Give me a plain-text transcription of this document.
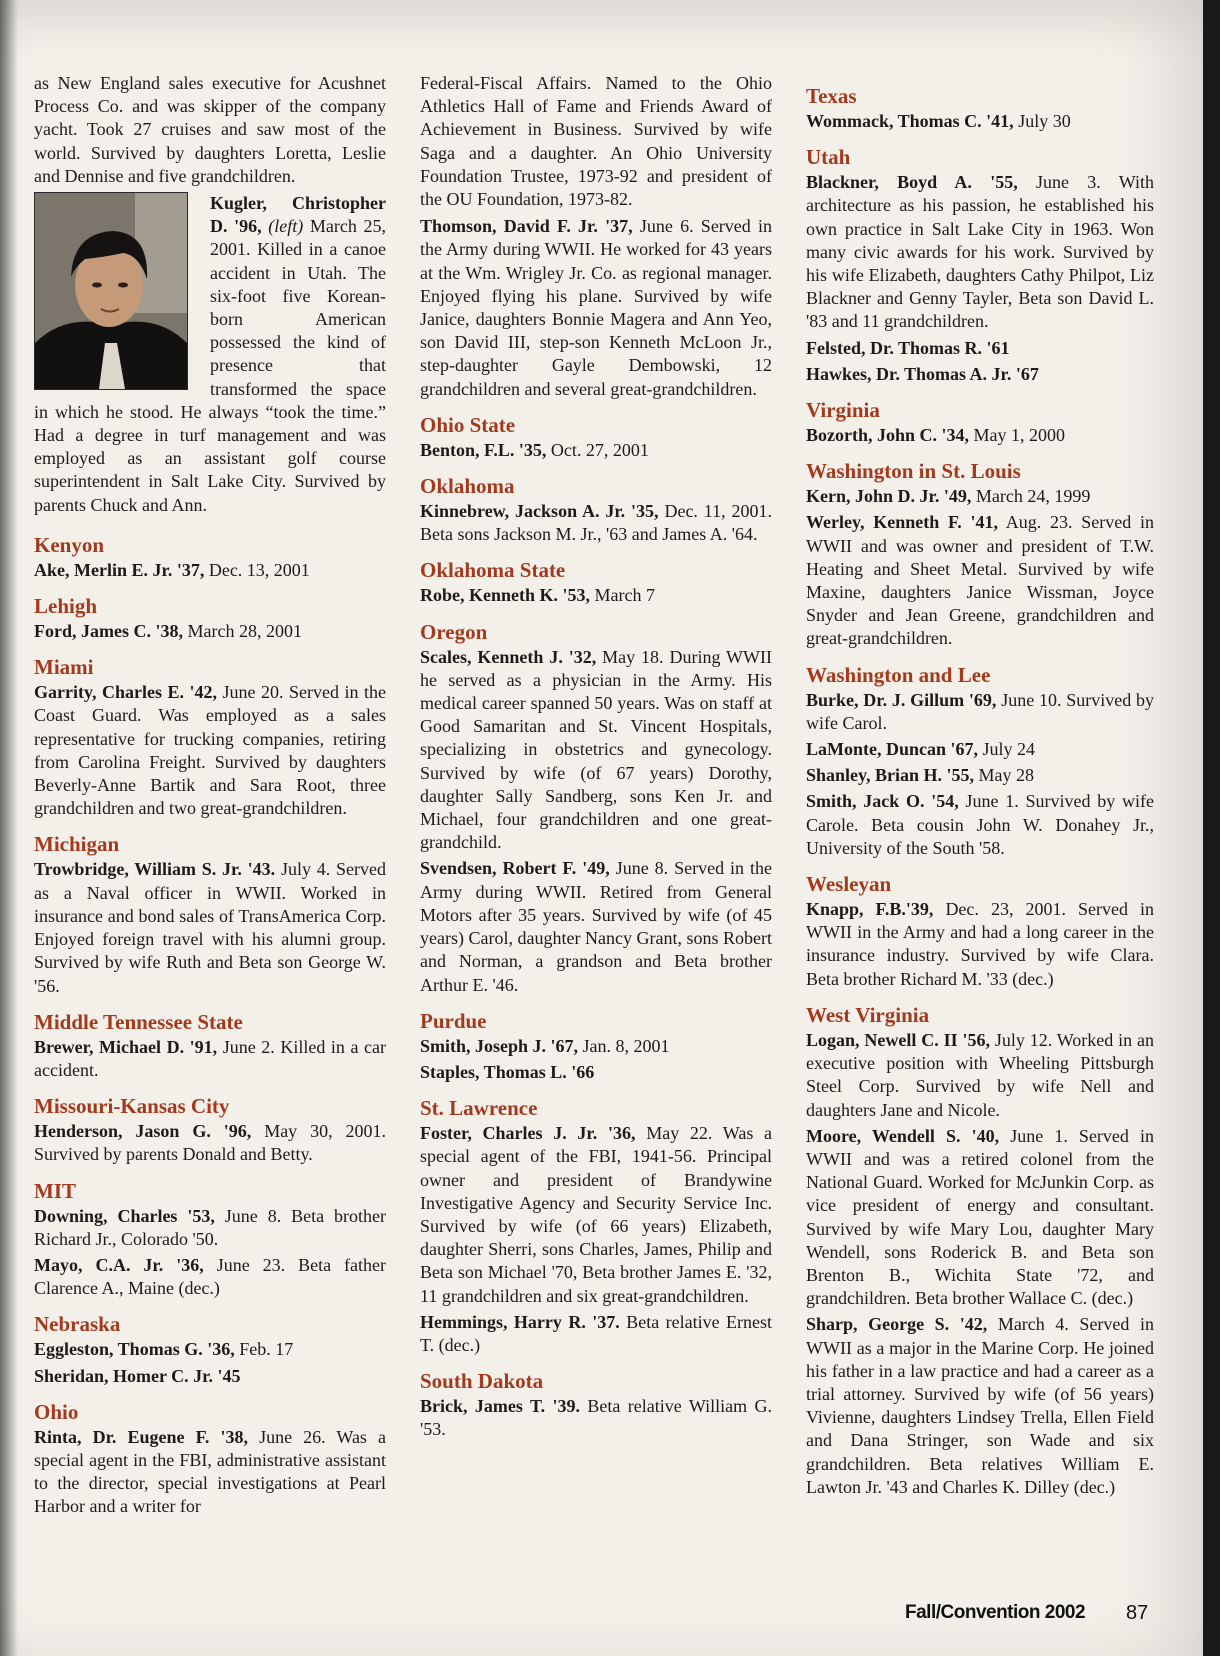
as New England sales executive for Acushnet Process Co. and was skipper of the company yacht. Took 27 cruises and saw most of the world. Survived by daughters Loretta, Leslie and Dennise and five grandchildren.

Kugler, Christopher D. '96, (left) March 25, 2001. Killed in a canoe accident in Utah. The six-foot five Korean-born American possessed the kind of presence that transformed the space in which he stood. He always “took the time.” Had a degree in turf management and was employed as an assistant golf course superintendent in Salt Lake City. Survived by parents Chuck and Ann.

Kenyon

Ake, Merlin E. Jr. '37, Dec. 13, 2001

Lehigh

Ford, James C. '38, March 28, 2001

Miami

Garrity, Charles E. '42, June 20. Served in the Coast Guard. Was employed as a sales representative for trucking companies, retiring from Carolina Freight. Survived by daughters Beverly-Anne Bartik and Sara Root, three grandchildren and two great-grandchildren.

Michigan

Trowbridge, William S. Jr. '43. July 4. Served as a Naval officer in WWII. Worked in insurance and bond sales of TransAmerica Corp. Enjoyed foreign travel with his alumni group. Survived by wife Ruth and Beta son George W. '56.

Middle Tennessee State

Brewer, Michael D. '91, June 2. Killed in a car accident.

Missouri-Kansas City

Henderson, Jason G. '96, May 30, 2001. Survived by parents Donald and Betty.

MIT

Downing, Charles '53, June 8. Beta brother Richard Jr., Colorado '50.

Mayo, C.A. Jr. '36, June 23. Beta father Clarence A., Maine (dec.)

Nebraska

Eggleston, Thomas G. '36, Feb. 17

Sheridan, Homer C. Jr. '45

Ohio

Rinta, Dr. Eugene F. '38, June 26. Was a special agent in the FBI, administrative assistant to the director, special investigations at Pearl Harbor and a writer for

Federal-Fiscal Affairs. Named to the Ohio Athletics Hall of Fame and Friends Award of Achievement in Business. Survived by wife Saga and a daughter. An Ohio University Foundation Trustee, 1973-92 and president of the OU Foundation, 1973-82.

Thomson, David F. Jr. '37, June 6. Served in the Army during WWII. He worked for 43 years at the Wm. Wrigley Jr. Co. as regional manager. Enjoyed flying his plane. Survived by wife Janice, daughters Bonnie Magera and Ann Yeo, son David III, step-son Kenneth McLoon Jr., step-daughter Gayle Dembowski, 12 grandchildren and several great-grandchildren.

Ohio State

Benton, F.L. '35, Oct. 27, 2001

Oklahoma

Kinnebrew, Jackson A. Jr. '35, Dec. 11, 2001. Beta sons Jackson M. Jr., '63 and James A. '64.

Oklahoma State

Robe, Kenneth K. '53, March 7

Oregon

Scales, Kenneth J. '32, May 18. During WWII he served as a physician in the Army. His medical career spanned 50 years. Was on staff at Good Samaritan and St. Vincent Hospitals, specializing in obstetrics and gynecology. Survived by wife (of 67 years) Dorothy, daughter Sally Sandberg, sons Ken Jr. and Michael, four grandchildren and one great-grandchild.

Svendsen, Robert F. '49, June 8. Served in the Army during WWII. Retired from General Motors after 35 years. Survived by wife (of 45 years) Carol, daughter Nancy Grant, sons Robert and Norman, a grandson and Beta brother Arthur E. '46.

Purdue

Smith, Joseph J. '67, Jan. 8, 2001

Staples, Thomas L. '66

St. Lawrence

Foster, Charles J. Jr. '36, May 22. Was a special agent of the FBI, 1941-56. Principal owner and president of Brandywine Investigative Agency and Security Service Inc. Survived by wife (of 66 years) Elizabeth, daughter Sherri, sons Charles, James, Philip and Beta son Michael '70, Beta brother James E. '32, 11 grandchildren and six great-grandchildren.

Hemmings, Harry R. '37. Beta relative Ernest T. (dec.)

South Dakota

Brick, James T. '39. Beta relative William G. '53.

Texas

Wommack, Thomas C. '41, July 30

Utah

Blackner, Boyd A. '55, June 3. With architecture as his passion, he established his own practice in Salt Lake City in 1963. Won many civic awards for his work. Survived by his wife Elizabeth, daughters Cathy Philpot, Liz Blackner and Genny Tayler, Beta son David L. '83 and 11 grandchildren.

Felsted, Dr. Thomas R. '61

Hawkes, Dr. Thomas A. Jr. '67

Virginia

Bozorth, John C. '34, May 1, 2000

Washington in St. Louis

Kern, John D. Jr. '49, March 24, 1999

Werley, Kenneth F. '41, Aug. 23. Served in WWII and was owner and president of T.W. Heating and Sheet Metal. Survived by wife Maxine, daughters Janice Wissman, Joyce Snyder and Jean Greene, grandchildren and great-grandchildren.

Washington and Lee

Burke, Dr. J. Gillum '69, June 10. Survived by wife Carol.

LaMonte, Duncan '67, July 24

Shanley, Brian H. '55, May 28

Smith, Jack O. '54, June 1. Survived by wife Carole. Beta cousin John W. Donahey Jr., University of the South '58.

Wesleyan

Knapp, F.B.'39, Dec. 23, 2001. Served in WWII in the Army and had a long career in the insurance industry. Survived by wife Clara. Beta brother Richard M. '33 (dec.)

West Virginia

Logan, Newell C. II '56, July 12. Worked in an executive position with Wheeling Pittsburgh Steel Corp. Survived by wife Nell and daughters Jane and Nicole.

Moore, Wendell S. '40, June 1. Served in WWII and was a retired colonel from the National Guard. Worked for McJunkin Corp. as vice president of energy and consultant. Survived by wife Mary Lou, daughter Mary Wendell, sons Roderick B. and Beta son Brenton B., Wichita State '72, and grandchildren. Beta brother Wallace C. (dec.)

Sharp, George S. '42, March 4. Served in WWII as a major in the Marine Corp. He joined his father in a law practice and had a career as a trial attorney. Survived by wife (of 56 years) Vivienne, daughters Lindsey Trella, Ellen Field and Dana Stringer, son Wade and six grandchildren. Beta relatives William E. Lawton Jr. '43 and Charles K. Dilley (dec.)

Fall/Convention 2002 87
